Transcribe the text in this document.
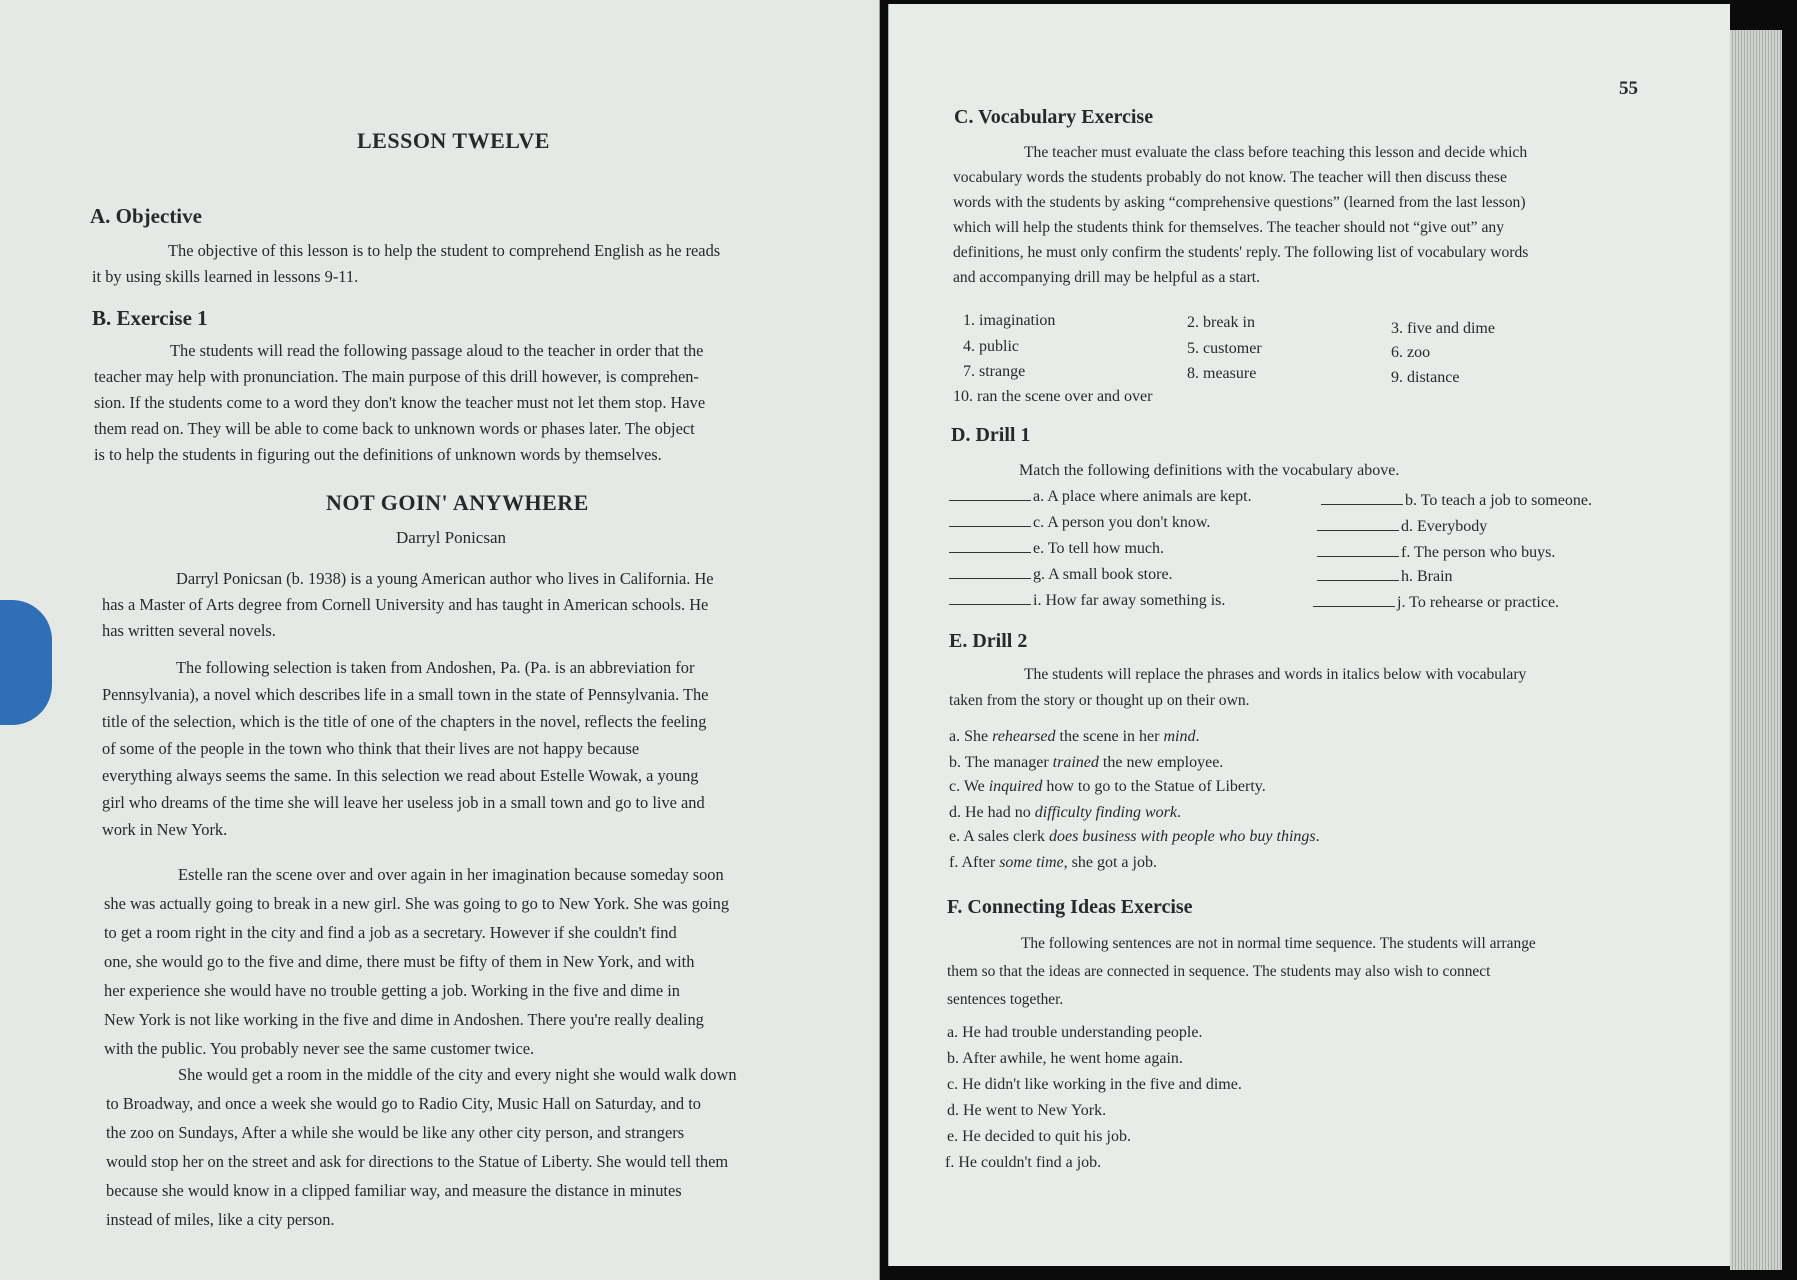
LESSON TWELVE
A. Objective
The objective of this lesson is to help the student to comprehend English as he reads
it by using skills learned in lessons 9-11.
B. Exercise 1
The students will read the following passage aloud to the teacher in order that the
teacher may help with pronunciation. The main purpose of this drill however, is comprehen-
sion. If the students come to a word they don't know the teacher must not let them stop. Have
them read on. They will be able to come back to unknown words or phases later. The object
is to help the students in figuring out the definitions of unknown words by themselves.
NOT GOIN' ANYWHERE
Darryl Ponicsan
Darryl Ponicsan (b. 1938) is a young American author who lives in California. He
has a Master of Arts degree from Cornell University and has taught in American schools. He
has written several novels.
The following selection is taken from Andoshen, Pa. (Pa. is an abbreviation for
Pennsylvania), a novel which describes life in a small town in the state of Pennsylvania. The
title of the selection, which is the title of one of the chapters in the novel, reflects the feeling
of some of the people in the town who think that their lives are not happy because
everything always seems the same. In this selection we read about Estelle Wowak, a young
girl who dreams of the time she will leave her useless job in a small town and go to live and
work in New York.
Estelle ran the scene over and over again in her imagination because someday soon
she was actually going to break in a new girl. She was going to go to New York. She was going
to get a room right in the city and find a job as a secretary. However if she couldn't find
one, she would go to the five and dime, there must be fifty of them in New York, and with
her experience she would have no trouble getting a job. Working in the five and dime in
New York is not like working in the five and dime in Andoshen. There you're really dealing
with the public. You probably never see the same customer twice.
She would get a room in the middle of the city and every night she would walk down
to Broadway, and once a week she would go to Radio City, Music Hall on Saturday, and to
the zoo on Sundays, After a while she would be like any other city person, and strangers
would stop her on the street and ask for directions to the Statue of Liberty. She would tell them
because she would know in a clipped familiar way, and measure the distance in minutes
instead of miles, like a city person.
55
C. Vocabulary Exercise
The teacher must evaluate the class before teaching this lesson and decide which
vocabulary words the students probably do not know. The teacher will then discuss these
words with the students by asking “comprehensive questions” (learned from the last lesson)
which will help the students think for themselves. The teacher should not “give out” any
definitions, he must only confirm the students' reply. The following list of vocabulary words
and accompanying drill may be helpful as a start.
1. imagination	2. break in	3. five and dime
4. public	5. customer	6. zoo
7. strange	8. measure	9. distance
10. ran the scene over and over
D. Drill 1
Match the following definitions with the vocabulary above.
a. A place where animals are kept.	b. To teach a job to someone.
c. A person you don't know.	d. Everybody
e. To tell how much.	f. The person who buys.
g. A small book store.	h. Brain
i. How far away something is.	j. To rehearse or practice.
E. Drill 2
The students will replace the phrases and words in italics below with vocabulary
taken from the story or thought up on their own.
a. She rehearsed the scene in her mind.
b. The manager trained the new employee.
c. We inquired how to go to the Statue of Liberty.
d. He had no difficulty finding work.
e. A sales clerk does business with people who buy things.
f. After some time, she got a job.
F. Connecting Ideas Exercise
The following sentences are not in normal time sequence. The students will arrange
them so that the ideas are connected in sequence. The students may also wish to connect
sentences together.
a. He had trouble understanding people.
b. After awhile, he went home again.
c. He didn't like working in the five and dime.
d. He went to New York.
e. He decided to quit his job.
f. He couldn't find a job.
